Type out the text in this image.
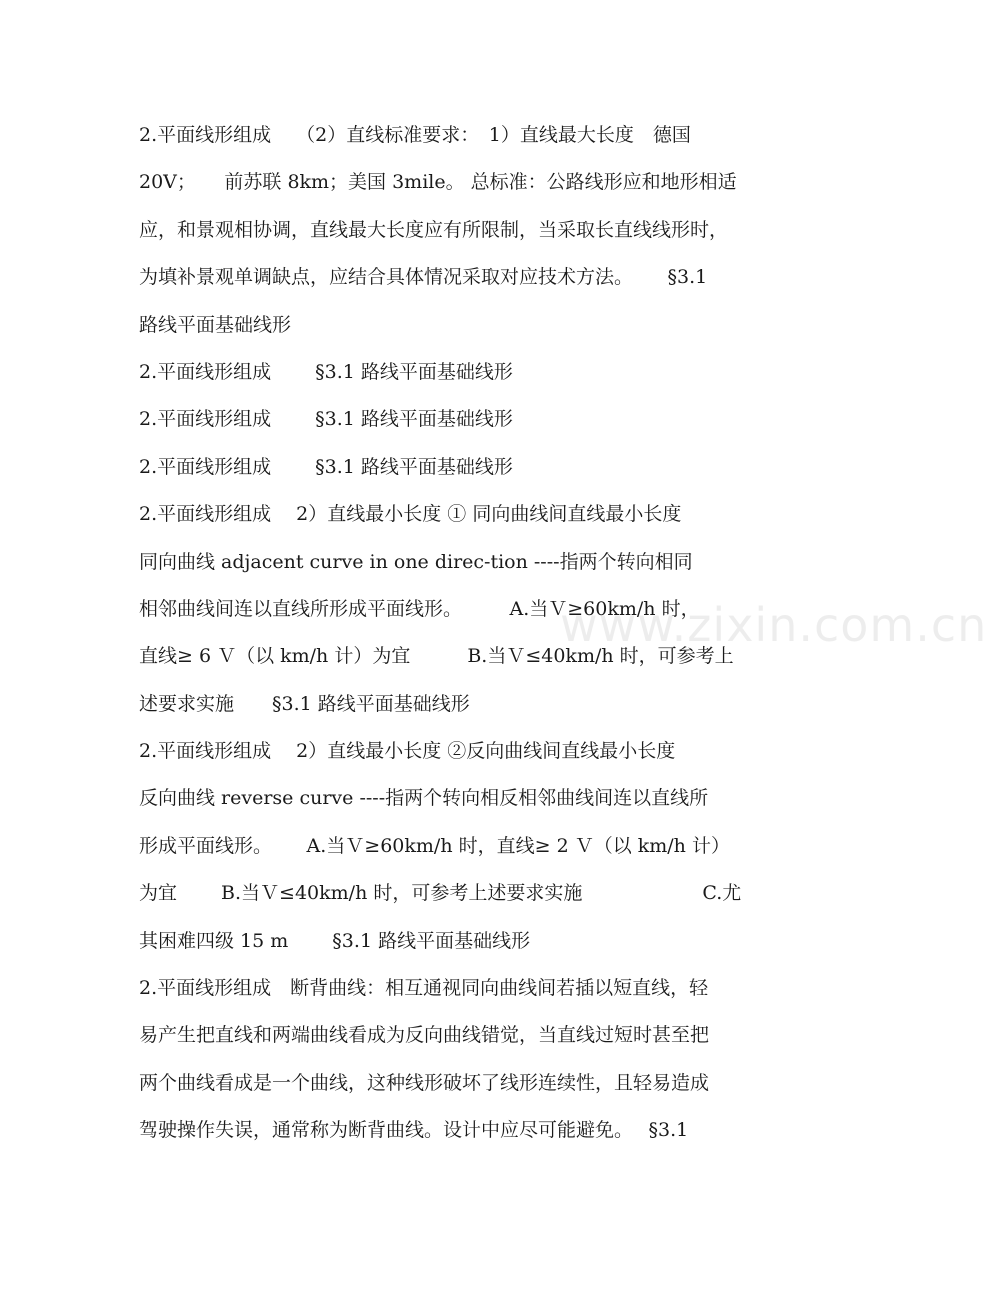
2.平面线形组成　 （2）直线标准要求：　1）直线最大长度　德国
20V；　　前苏联 8km；美国 3mile。 总标准：公路线形应和地形相适
应，和景观相协调，直线最大长度应有所限制，当采取长直线线形时，
为填补景观单调缺点，应结合具体情况采取对应技术方法。　　 §3.1
路线平面基础线形
2.平面线形组成　　 §3.1 路线平面基础线形
2.平面线形组成　　 §3.1 路线平面基础线形
2.平面线形组成　　 §3.1 路线平面基础线形
2.平面线形组成　 2）直线最小长度 ① 同向曲线间直线最小长度
同向曲线 adjacent curve in one direc-tion ----指两个转向相同
相邻曲线间连以直线所形成平面线形。　　　A.当Ｖ≥60km/h 时，
直线≥ 6 Ｖ（以 km/h 计）为宜　　　B.当Ｖ≤40km/h 时，可参考上
述要求实施　　§3.1 路线平面基础线形
2.平面线形组成　 2）直线最小长度 ②反向曲线间直线最小长度
反向曲线 reverse curve ----指两个转向相反相邻曲线间连以直线所
形成平面线形。　　 A.当Ｖ≥60km/h 时，直线≥ 2 Ｖ（以 km/h 计）
为宜　　 B.当Ｖ≤40km/h 时，可参考上述要求实施　　　　　　 C.尤
其困难四级 15 m　　 §3.1 路线平面基础线形
2.平面线形组成　断背曲线：相互通视同向曲线间若插以短直线，轻
易产生把直线和两端曲线看成为反向曲线错觉，当直线过短时甚至把
两个曲线看成是一个曲线，这种线形破坏了线形连续性，且轻易造成
驾驶操作失误，通常称为断背曲线。设计中应尽可能避免。　 §3.1
www.zixin.com.cn
